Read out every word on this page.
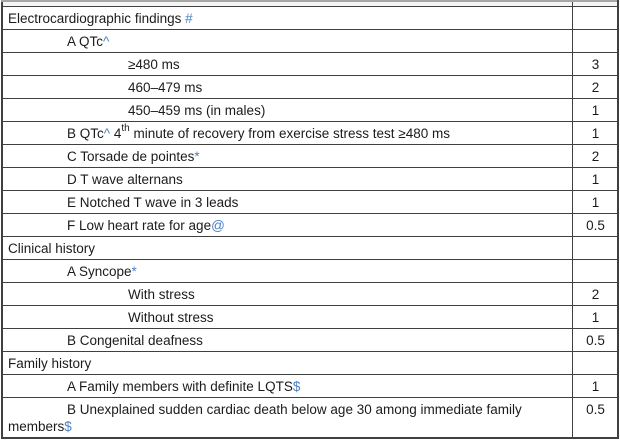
Electrocardiographic findings #	
A QTc^	
≥480 ms	3
460–479 ms	2
450–459 ms (in males)	1
B QTc^ 4th minute of recovery from exercise stress test ≥480 ms	1
C Torsade de pointes*	2
D T wave alternans	1
E Notched T wave in 3 leads	1
F Low heart rate for age@	0.5
Clinical history	
A Syncope*	
With stress	2
Without stress	1
B Congenital deafness	0.5
Family history	
A Family members with definite LQTS$	1
B Unexplained sudden cardiac death below age 30 among immediate family members$	0.5
